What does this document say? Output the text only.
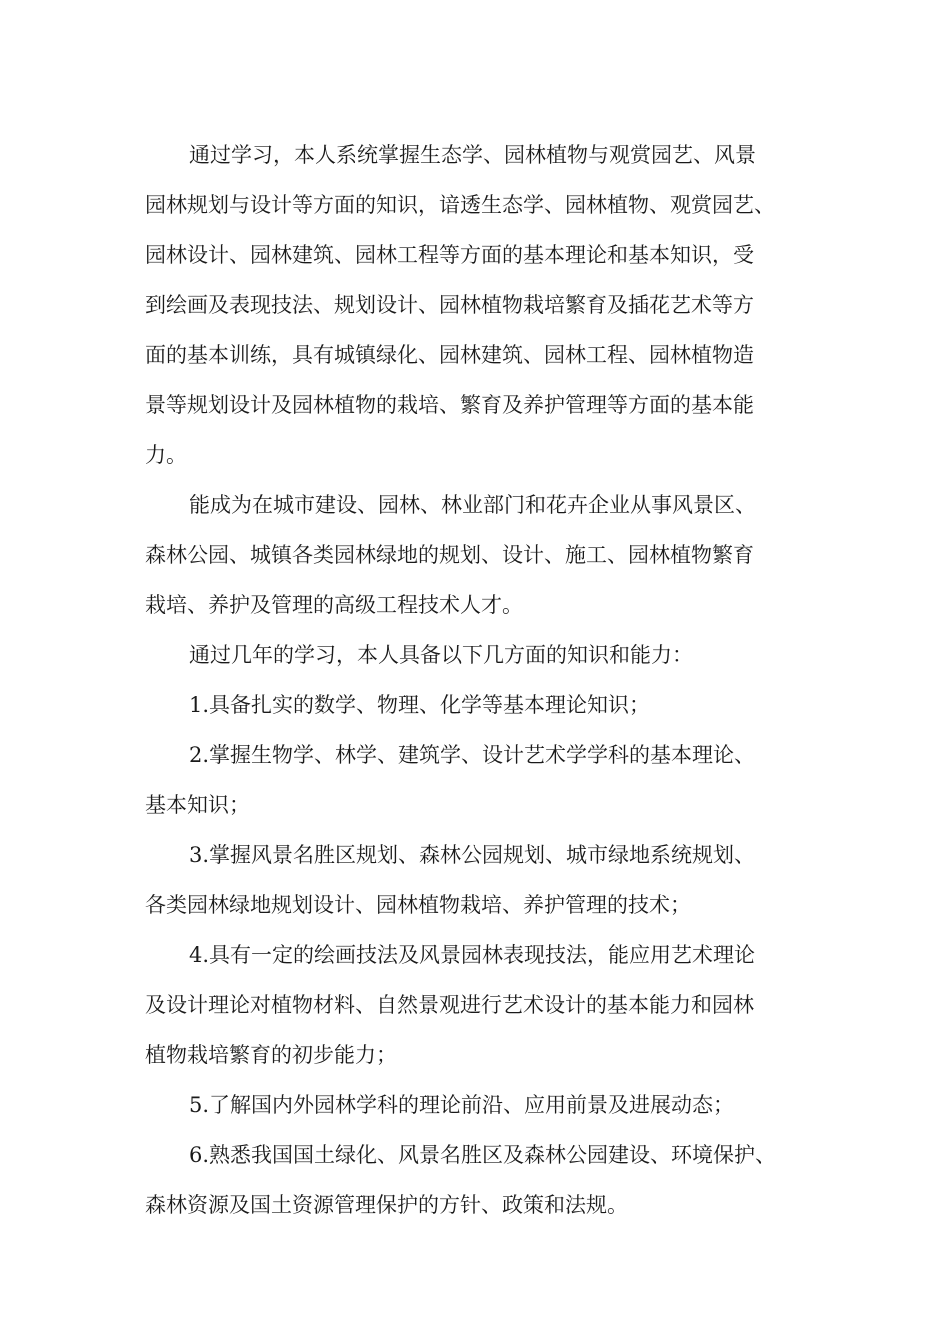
通过学习，本人系统掌握生态学、园林植物与观赏园艺、风景
园林规划与设计等方面的知识，谙透生态学、园林植物、观赏园艺、
园林设计、园林建筑、园林工程等方面的基本理论和基本知识，受
到绘画及表现技法、规划设计、园林植物栽培繁育及插花艺术等方
面的基本训练，具有城镇绿化、园林建筑、园林工程、园林植物造
景等规划设计及园林植物的栽培、繁育及养护管理等方面的基本能
力。
能成为在城市建设、园林、林业部门和花卉企业从事风景区、
森林公园、城镇各类园林绿地的规划、设计、施工、园林植物繁育
栽培、养护及管理的高级工程技术人才。
通过几年的学习，本人具备以下几方面的知识和能力：
1.具备扎实的数学、物理、化学等基本理论知识；
2.掌握生物学、林学、建筑学、设计艺术学学科的基本理论、
基本知识；
3.掌握风景名胜区规划、森林公园规划、城市绿地系统规划、
各类园林绿地规划设计、园林植物栽培、养护管理的技术；
4.具有一定的绘画技法及风景园林表现技法，能应用艺术理论
及设计理论对植物材料、自然景观进行艺术设计的基本能力和园林
植物栽培繁育的初步能力；
5.了解国内外园林学科的理论前沿、应用前景及进展动态；
6.熟悉我国国土绿化、风景名胜区及森林公园建设、环境保护、
森林资源及国土资源管理保护的方针、政策和法规。
